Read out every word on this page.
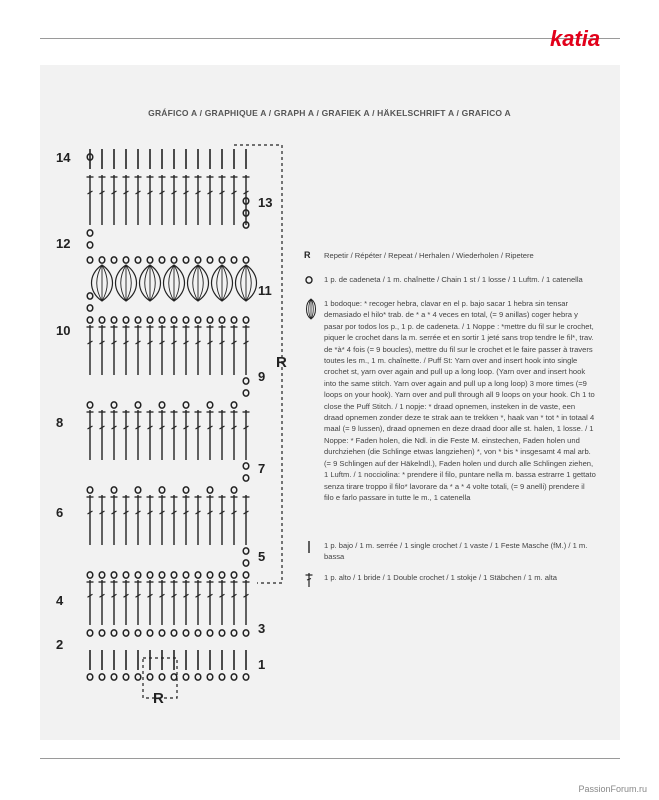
katia
GRÁFICO A / GRAPHIQUE A / GRAPH A / GRAFIEK A / HÄKELSCHRIFT A / GRAFICO A
14
12
10
8
6
4
2
13
11
9
7
5
3
1
R
R
R	Repetir / Répéter / Repeat / Herhalen / Wiederholen / Ripetere
1 p. de cadeneta / 1 m. chaînette / Chain 1 st / 1 losse / 1 Luftm. / 1 catenella
1 bodoque: * recoger hebra, clavar en el p. bajo sacar 1 hebra sin tensar demasiado el hilo* trab. de * a * 4 veces en total, (= 9 anillas) coger hebra y pasar por todos los p., 1 p. de cadeneta. / 1 Noppe : *mettre du fil sur le crochet, piquer le crochet dans la m. serrée et en sortir 1 jeté sans trop tendre le fil*, trav. de *à* 4 fois (= 9 boucles), mettre du fil sur le crochet et le faire passer à travers toutes les m., 1 m. chaînette. / Puff St: Yarn over and insert hook into single crochet st, yarn over again and pull up a long loop. (Yarn over and insert hook into the same stitch. Yarn over again and pull up a long loop) 3 more times (=9 loops on your hook). Yarn over and pull through all 9 loops on your hook. Ch 1 to close the Puff Stitch. / 1 nopje: * draad opnemen, insteken in de vaste, een draad opnemen zonder deze te strak aan te trekken *, haak van * tot * in totaal 4 maal (= 9 lussen), draad opnemen en deze draad door alle st. halen, 1 losse. / 1 Noppe: * Faden holen, die Ndl. in die Feste M. einstechen, Faden holen und durchziehen (die Schlinge etwas langziehen) *, von * bis * insgesamt 4 mal arb. (= 9 Schlingen auf der Häkelndl.), Faden holen und durch alle Schlingen ziehen, 1 Luftm. / 1 nocciolina: * prendere il filo, puntare nella m. bassa estrarre 1 gettato senza tirare troppo il filo* lavorare da * a * 4 volte totali, (= 9 anelli) prendere il filo e farlo passare in tutte le m., 1 catenella
1 p. bajo / 1 m. serrée / 1 single crochet / 1 vaste / 1 Feste Masche (fM.) / 1 m. bassa
1 p. alto / 1 bride / 1 Double crochet / 1 stokje / 1 Stäbchen / 1 m. alta
PassionForum.ru
